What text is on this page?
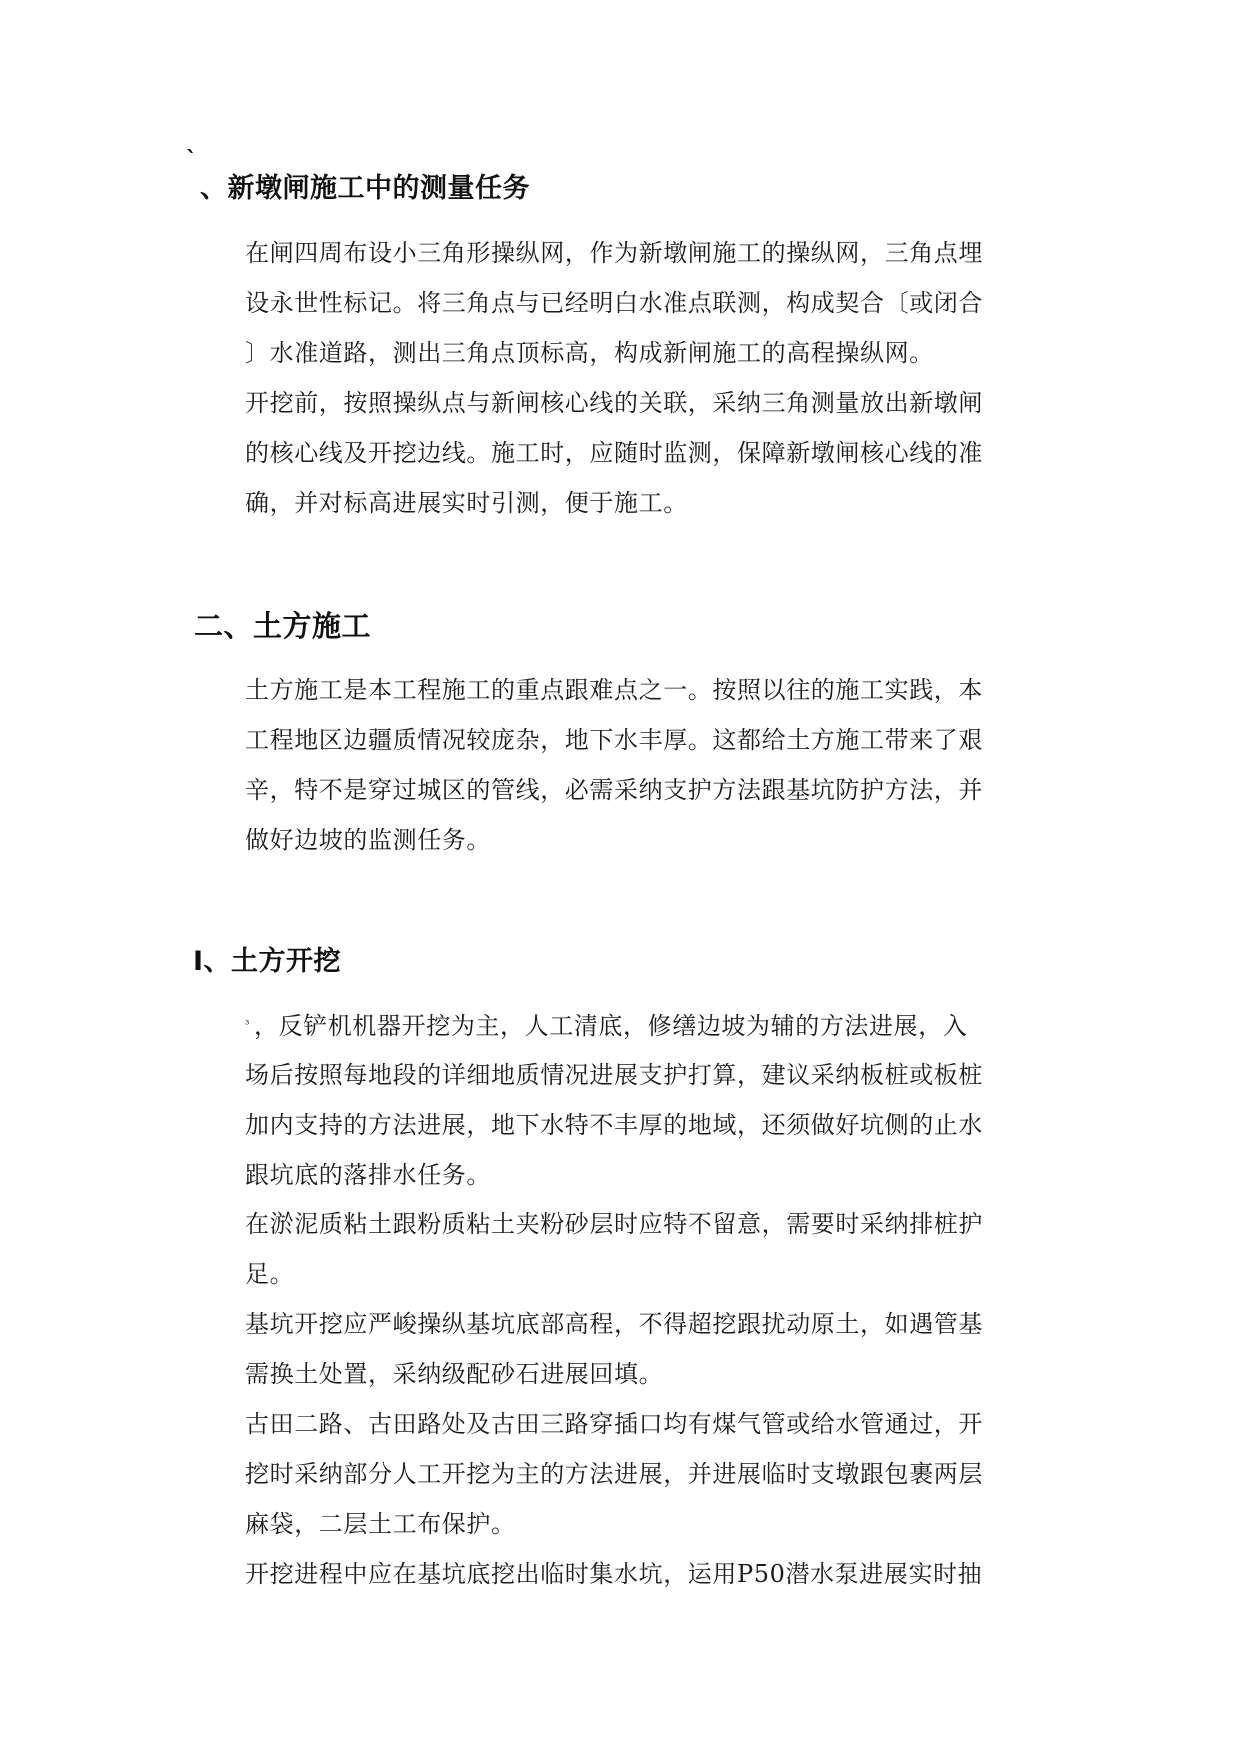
`
、新墩闸施工中的测量任务
在闸四周布设小三角形操纵网，作为新墩闸施工的操纵网，三角点埋
设永世性标记。将三角点与已经明白水准点联测，构成契合〔或闭合
〕水准道路，测出三角点顶标高，构成新闸施工的高程操纵网。
开挖前，按照操纵点与新闸核心线的关联，采纳三角测量放出新墩闸
的核心线及开挖边线。施工时，应随时监测，保障新墩闸核心线的准
确，并对标高进展实时引测，便于施工。
二、土方施工
土方施工是本工程施工的重点跟难点之一。按照以往的施工实践，本
工程地区边疆质情况较庞杂，地下水丰厚。这都给土方施工带来了艰
辛，特不是穿过城区的管线，必需采纳支护方法跟基坑防护方法，并
做好边坡的监测任务。
I、土方开挖
$^{^3}$ ，反铲机机器开挖为主，人工清底，修缮边坡为辅的方法进展，入
场后按照每地段的详细地质情况进展支护打算，建议采纳板桩或板桩
加内支持的方法进展，地下水特不丰厚的地域，还须做好坑侧的止水
跟坑底的落排水任务。
在淤泥质粘土跟粉质粘土夹粉砂层时应特不留意，需要时采纳排桩护
足。
基坑开挖应严峻操纵基坑底部高程，不得超挖跟扰动原土，如遇管基
需换土处置，采纳级配砂石进展回填。
古田二路、古田路处及古田三路穿插口均有煤气管或给水管通过，开
挖时采纳部分人工开挖为主的方法进展，并进展临时支墩跟包裹两层
麻袋，二层土工布保护。
开挖进程中应在基坑底挖出临时集水坑，运用P50潜水泵进展实时抽
